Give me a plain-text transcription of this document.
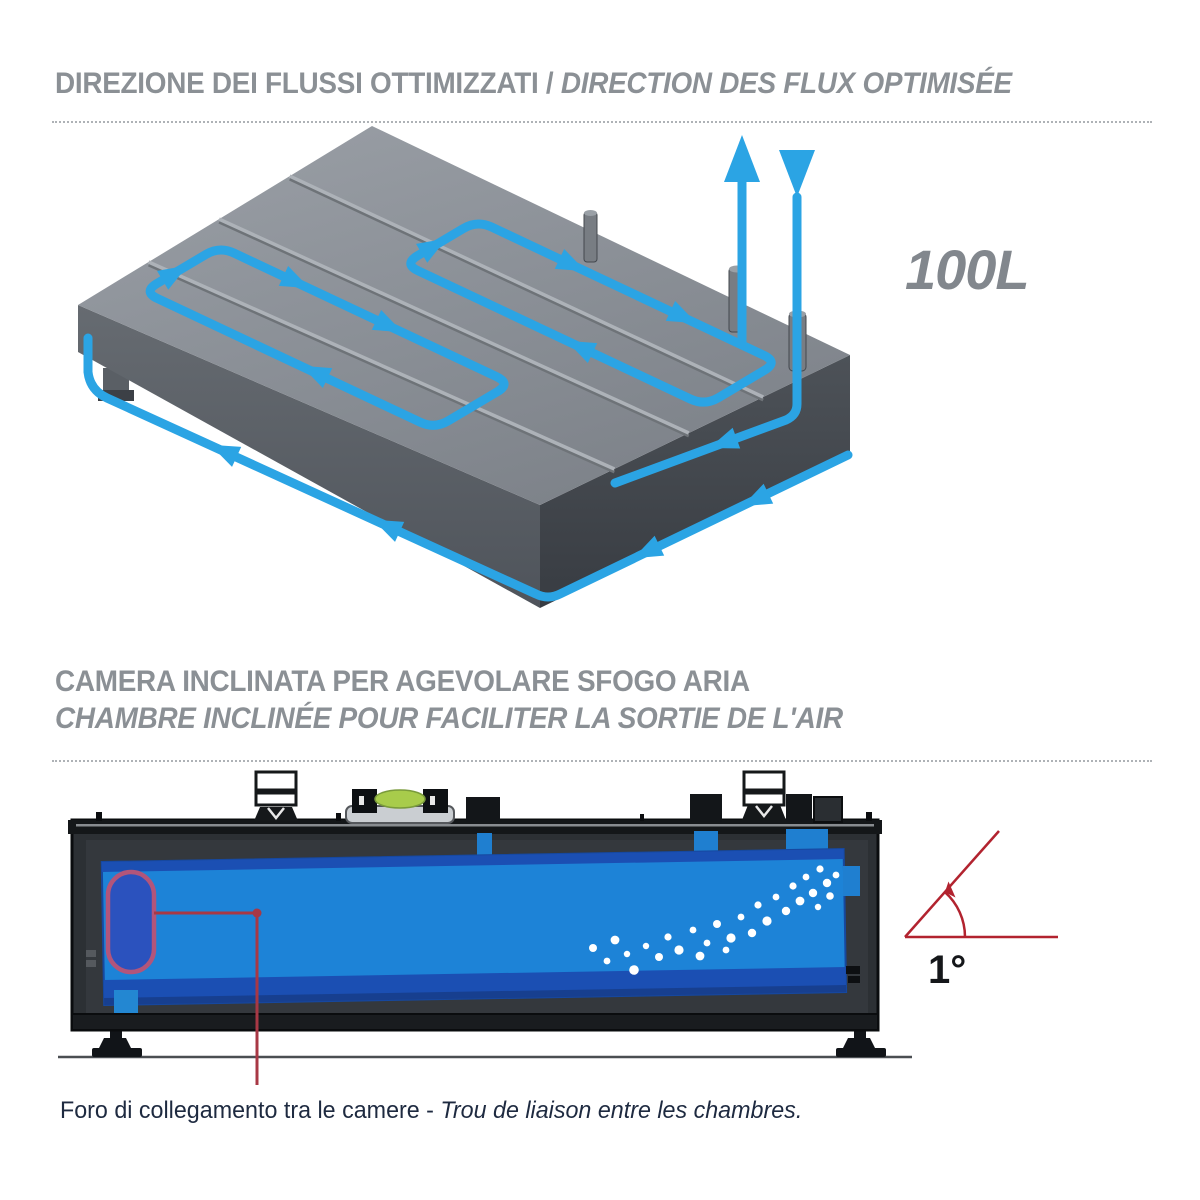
DIREZIONE DEI FLUSSI OTTIMIZZATI / DIRECTION DES FLUX OPTIMISÉE
100L
CAMERA INCLINATA PER AGEVOLARE SFOGO ARIA
CHAMBRE INCLINÉE POUR FACILITER LA SORTIE DE L'AIR
1°
Foro di collegamento tra le camere - Trou de liaison entre les chambres.
